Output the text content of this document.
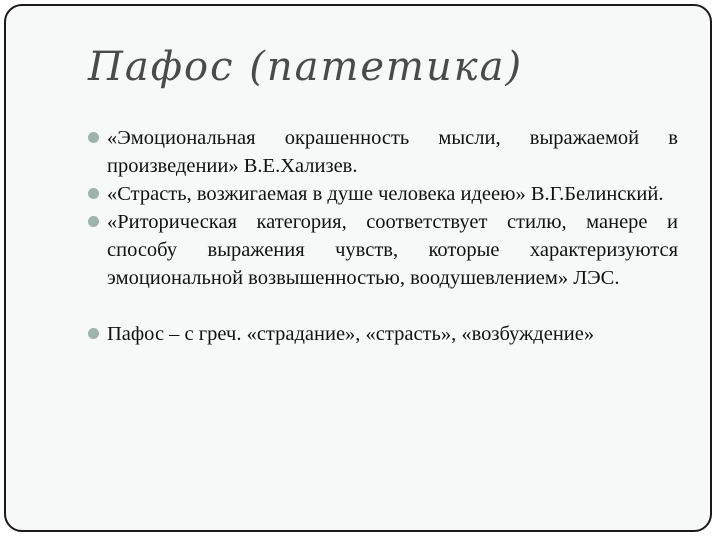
Пафос (патетика)
«Эмоциональная окрашенность мысли, выражаемой в произведении» В.Е.Хализев.
«Страсть, возжигаемая в душе человека идеею» В.Г.Белинский.
«Риторическая категория, соответствует стилю, манере и способу выражения чувств, которые характеризуются эмоциональной возвышенностью, воодушевлением» ЛЭС.
Пафос – с греч. «страдание», «страсть», «возбуждение»
